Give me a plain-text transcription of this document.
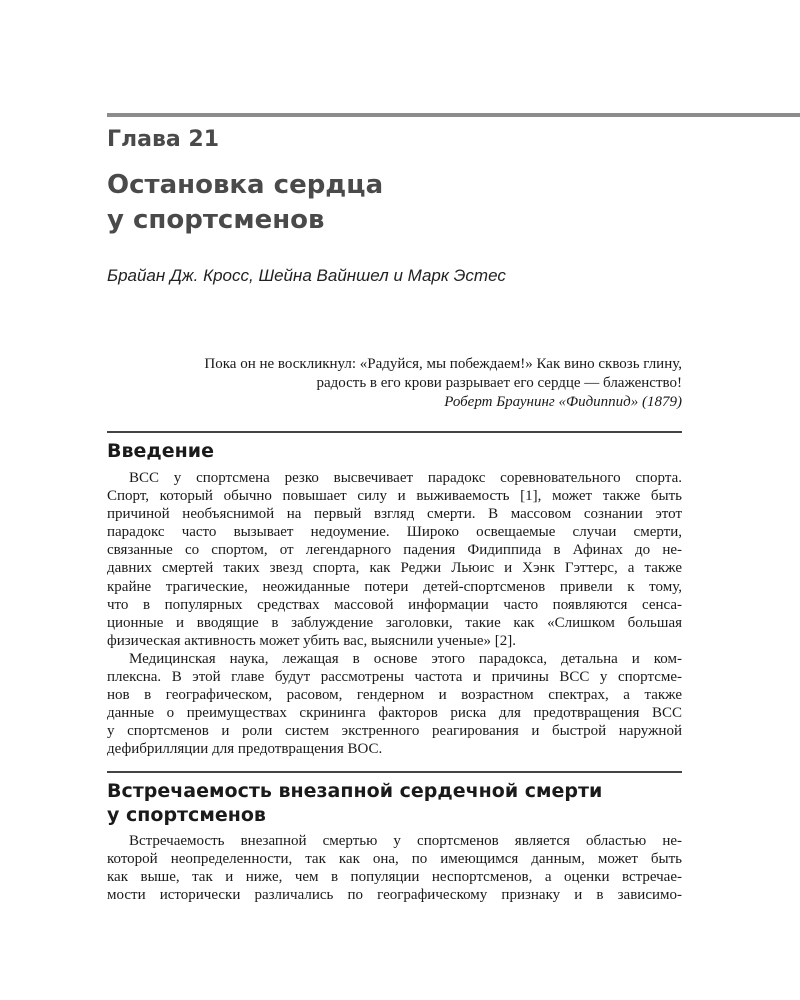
Глава 21
Остановка сердца
у спортсменов
Брайан Дж. Кросс, Шейна Вайншел и Марк Эстес
Пока он не воскликнул: «Радуйся, мы побеждаем!» Как вино сквозь глину,
радость в его крови разрывает его сердце — блаженство!
Роберт Браунинг «Фидиппид» (1879)
Введение
ВСС у спортсмена резко высвечивает парадокс соревновательного спорта.
Спорт, который обычно повышает силу и выживаемость [1], может также быть
причиной необъяснимой на первый взгляд смерти. В массовом сознании этот
парадокс часто вызывает недоумение. Широко освещаемые случаи смерти,
связанные со спортом, от легендарного падения Фидиппида в Афинах до не-
давних смертей таких звезд спорта, как Реджи Льюис и Хэнк Гэттерс, а также
крайне трагические, неожиданные потери детей-спортсменов привели к тому,
что в популярных средствах массовой информации часто появляются сенса-
ционные и вводящие в заблуждение заголовки, такие как «Слишком большая
физическая активность может убить вас, выяснили ученые» [2].
Медицинская наука, лежащая в основе этого парадокса, детальна и ком-
плексна. В этой главе будут рассмотрены частота и причины ВСС у спортсме-
нов в географическом, расовом, гендерном и возрастном спектрах, а также
данные о преимуществах скрининга факторов риска для предотвращения ВСС
у спортсменов и роли систем экстренного реагирования и быстрой наружной
дефибрилляции для предотвращения ВОС.
Встречаемость внезапной сердечной смерти
у спортсменов
Встречаемость внезапной смертью у спортсменов является областью не-
которой неопределенности, так как она, по имеющимся данным, может быть
как выше, так и ниже, чем в популяции неспортсменов, а оценки встречае-
мости исторически различались по географическому признаку и в зависимо-
